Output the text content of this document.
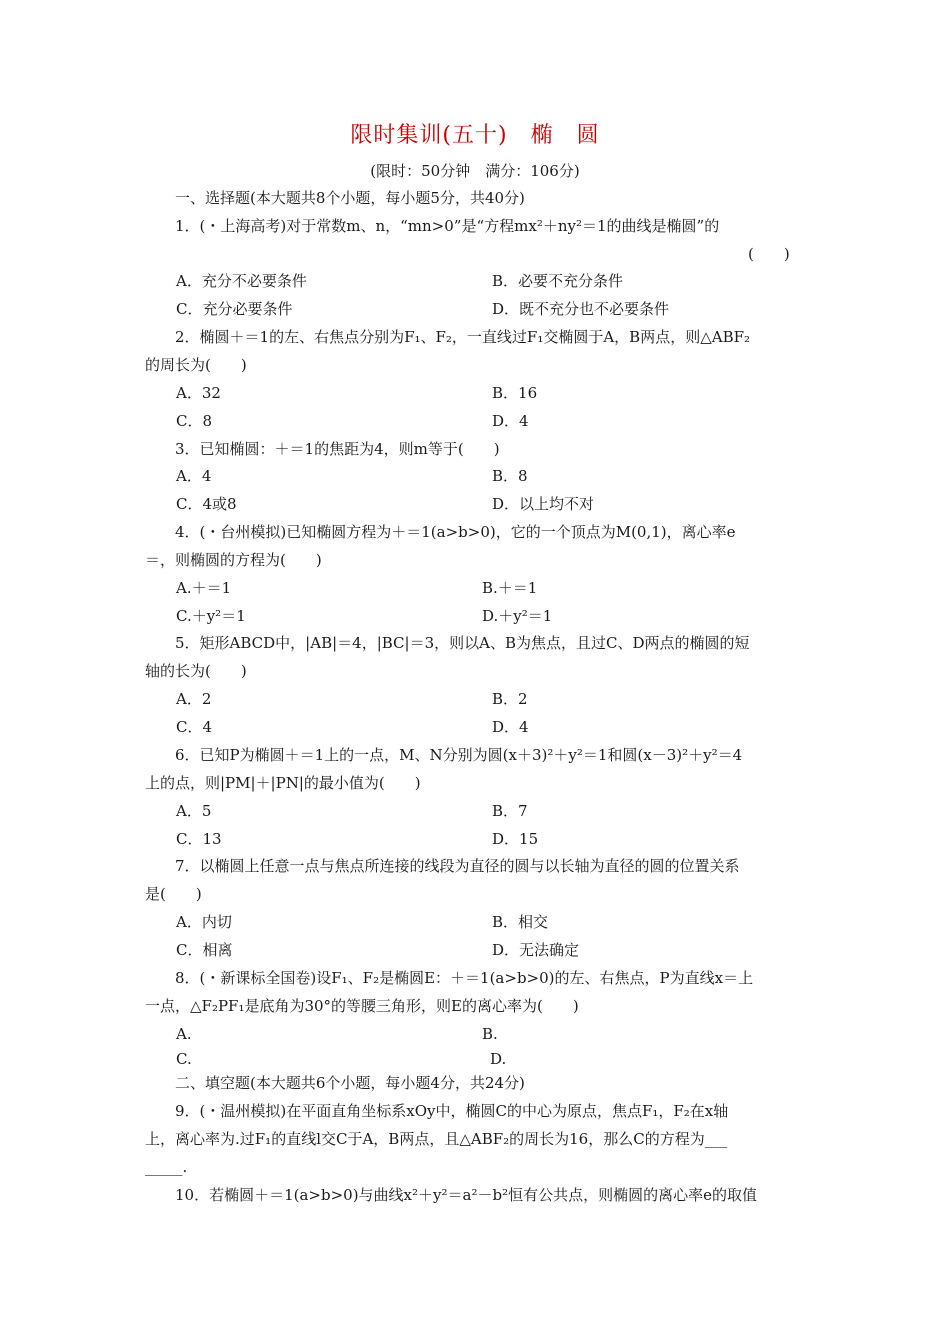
限时集训(五十)　椭　圆
(限时：50分钟　满分：106分)
一、选择题(本大题共8个小题，每小题5分，共40分)
1．(・上海高考)对于常数m、n，“mn>0”是“方程mx²＋ny²＝1的曲线是椭圆”的
(　　)
A．充分不必要条件	B．必要不充分条件
C．充分必要条件	D．既不充分也不必要条件
2．椭圆＋＝1的左、右焦点分别为F₁、F₂，一直线过F₁交椭圆于A，B两点，则△ABF₂
的周长为(　　)
A．32	B．16
C．8	D．4
3．已知椭圆：＋＝1的焦距为4，则m等于(　　)
A．4	B．8
C．4或8	D．以上均不对
4．(・台州模拟)已知椭圆方程为＋＝1(a>b>0)，它的一个顶点为M(0,1)，离心率e
＝，则椭圆的方程为(　　)
A.＋＝1	B.＋＝1
C.＋y²＝1	D.＋y²＝1
5．矩形ABCD中，|AB|＝4，|BC|＝3，则以A、B为焦点，且过C、D两点的椭圆的短
轴的长为(　　)
A．2	B．2
C．4	D．4
6．已知P为椭圆＋＝1上的一点，M、N分别为圆(x＋3)²＋y²＝1和圆(x－3)²＋y²＝4
上的点，则|PM|＋|PN|的最小值为(　　)
A．5	B．7
C．13	D．15
7．以椭圆上任意一点与焦点所连接的线段为直径的圆与以长轴为直径的圆的位置关系
是(　　)
A．内切	B．相交
C．相离	D．无法确定
8．(・新课标全国卷)设F₁、F₂是椭圆E：＋＝1(a>b>0)的左、右焦点，P为直线x＝上
一点，△F₂PF₁是底角为30°的等腰三角形，则E的离心率为(　　)
A.	B.
C.	D.
二、填空题(本大题共6个小题，每小题4分，共24分)
9．(・温州模拟)在平面直角坐标系xOy中，椭圆C的中心为原点，焦点F₁，F₂在x轴
上，离心率为.过F₁的直线l交C于A，B两点，且△ABF₂的周长为16，那么C的方程为___
_____.
10．若椭圆＋＝1(a>b>0)与曲线x²＋y²＝a²－b²恒有公共点，则椭圆的离心率e的取值
